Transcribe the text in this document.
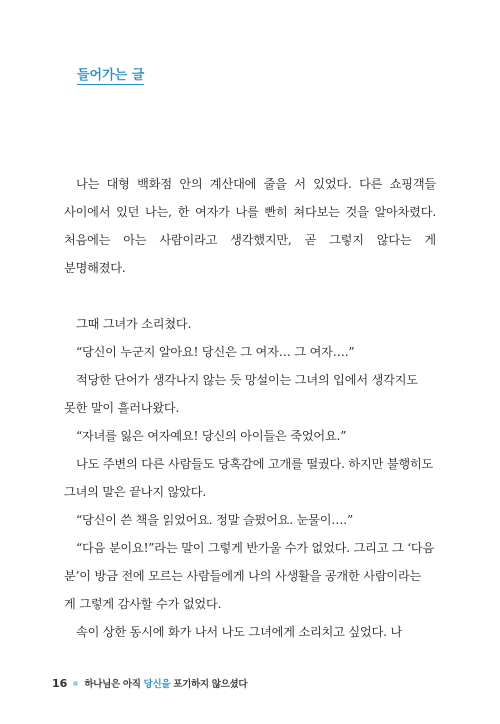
들어가는 글

나는 대형 백화점 안의 계산대에 줄을 서 있었다. 다른 쇼핑객들 사이에서 있던 나는, 한 여자가 나를 빤히 쳐다보는 것을 알아차렸다. 처음에는 아는 사람이라고 생각했지만, 곧 그렇지 않다는 게 분명해졌다.

그때 그녀가 소리쳤다.

“당신이 누군지 알아요! 당신은 그 여자… 그 여자….”

적당한 단어가 생각나지 않는 듯 망설이는 그녀의 입에서 생각지도 못한 말이 흘러나왔다.

“자녀를 잃은 여자예요! 당신의 아이들은 죽었어요.”

나도 주변의 다른 사람들도 당혹감에 고개를 떨궜다. 하지만 불행히도 그녀의 말은 끝나지 않았다.

“당신이 쓴 책을 읽었어요. 정말 슬펐어요. 눈물이….”

“다음 분이요!”라는 말이 그렇게 반가울 수가 없었다. 그리고 그 ‘다음 분’이 방금 전에 모르는 사람들에게 나의 사생활을 공개한 사람이라는 게 그렇게 감사할 수가 없었다.

속이 상한 동시에 화가 나서 나도 그녀에게 소리치고 싶었다. 나

16 하나님은 아직 당신을 포기하지 않으셨다
